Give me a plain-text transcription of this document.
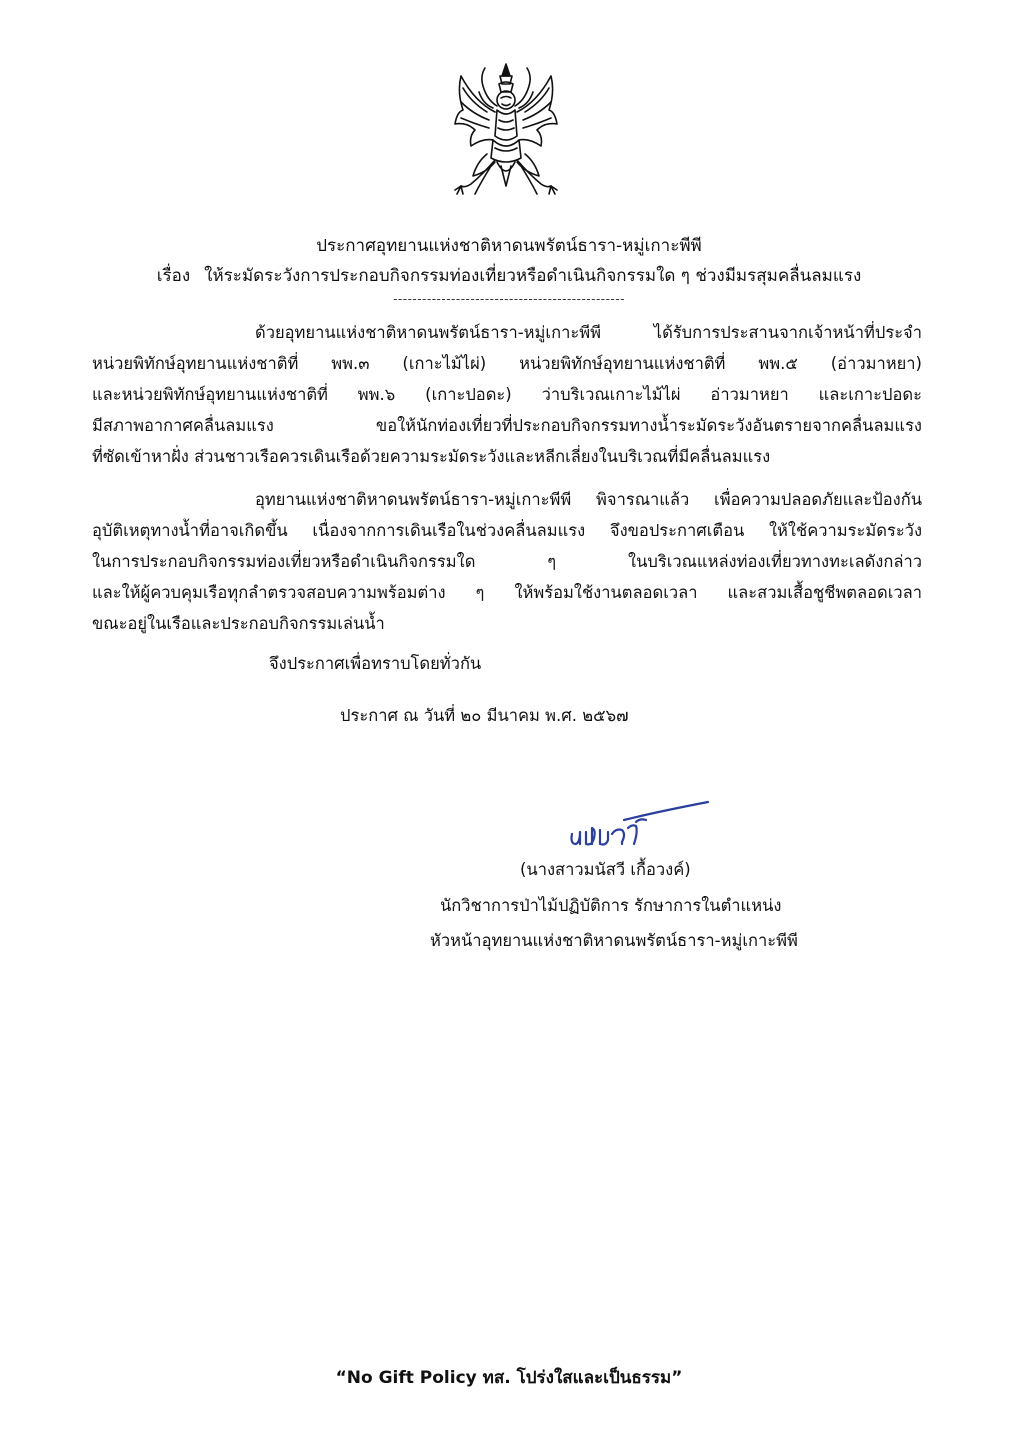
ประกาศอุทยานแห่งชาติหาดนพรัตน์ธารา-หมู่เกาะพีพี
เรื่อง ให้ระมัดระวังการประกอบกิจกรรมท่องเที่ยวหรือดำเนินกิจกรรมใด ๆ ช่วงมีมรสุมคลื่นลมแรง
------------------------------------------------
ด้วยอุทยานแห่งชาติหาดนพรัตน์ธารา-หมู่เกาะพีพี ได้รับการประสานจากเจ้าหน้าที่ประจำ
หน่วยพิทักษ์อุทยานแห่งชาติที่ พพ.๓ (เกาะไม้ไผ่) หน่วยพิทักษ์อุทยานแห่งชาติที่ พพ.๕ (อ่าวมาหยา)
และหน่วยพิทักษ์อุทยานแห่งชาติที่ พพ.๖ (เกาะปอดะ) ว่าบริเวณเกาะไม้ไผ่ อ่าวมาหยา และเกาะปอดะ
มีสภาพอากาศคลื่นลมแรง ขอให้นักท่องเที่ยวที่ประกอบกิจกรรมทางน้ำระมัดระวังอันตรายจากคลื่นลมแรง
ที่ซัดเข้าหาฝั่ง ส่วนชาวเรือควรเดินเรือด้วยความระมัดระวังและหลีกเลี่ยงในบริเวณที่มีคลื่นลมแรง
อุทยานแห่งชาติหาดนพรัตน์ธารา-หมู่เกาะพีพี พิจารณาแล้ว เพื่อความปลอดภัยและป้องกัน
อุบัติเหตุทางน้ำที่อาจเกิดขึ้น เนื่องจากการเดินเรือในช่วงคลื่นลมแรง จึงขอประกาศเตือน ให้ใช้ความระมัดระวัง
ในการประกอบกิจกรรมท่องเที่ยวหรือดำเนินกิจกรรมใด ๆ ในบริเวณแหล่งท่องเที่ยวทางทะเลดังกล่าว
และให้ผู้ควบคุมเรือทุกลำตรวจสอบความพร้อมต่าง ๆ ให้พร้อมใช้งานตลอดเวลา และสวมเสื้อชูชีพตลอดเวลา
ขณะอยู่ในเรือและประกอบกิจกรรมเล่นน้ำ
จึงประกาศเพื่อทราบโดยทั่วกัน
ประกาศ ณ วันที่ ๒๐ มีนาคม พ.ศ. ๒๕๖๗
(นางสาวมนัสวี เกื้อวงค์)
นักวิชาการป่าไม้ปฏิบัติการ รักษาการในตำแหน่ง
หัวหน้าอุทยานแห่งชาติหาดนพรัตน์ธารา-หมู่เกาะพีพี
“No Gift Policy ทส. โปร่งใสและเป็นธรรม”
